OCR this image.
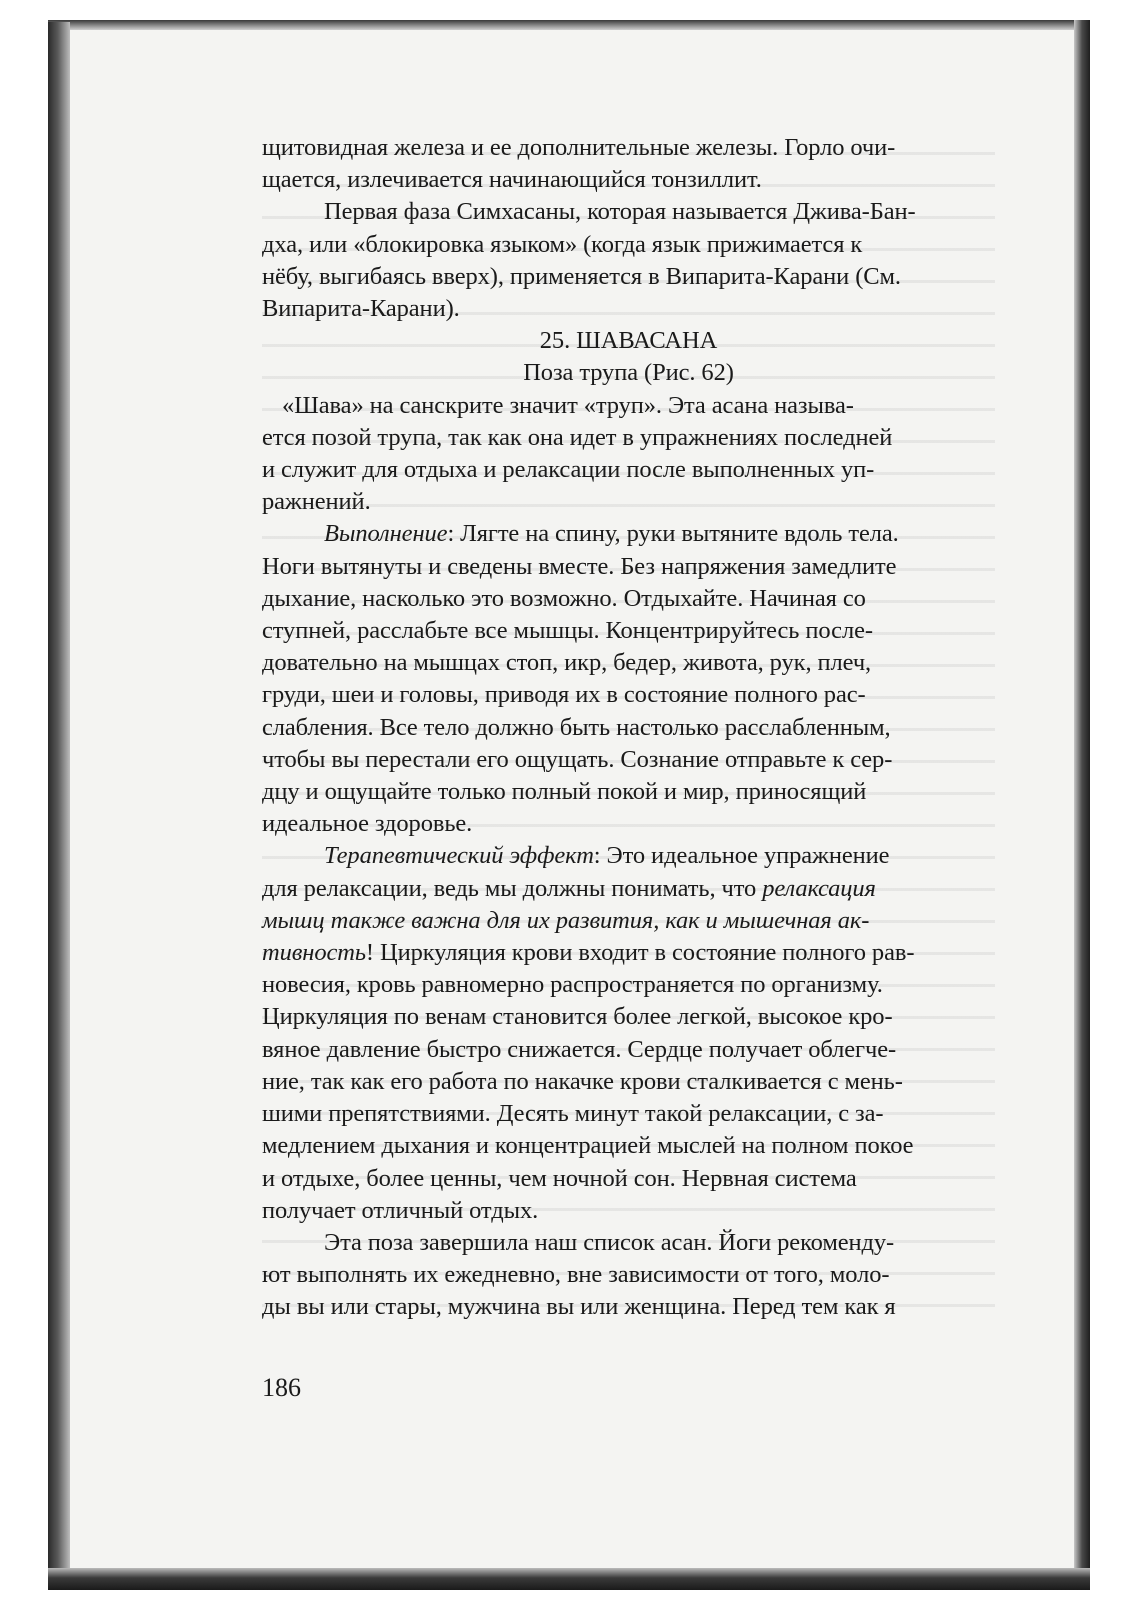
щитовидная железа и ее дополнительные железы. Горло очи-
щается, излечивается начинающийся тонзиллит.

Первая фаза Симхасаны, которая называется Джива-Бан-
дха, или «блокировка языком» (когда язык прижимается к
нёбу, выгибаясь вверх), применяется в Випарита-Карани (См.
Випарита-Карани).

25. ШАВАСАНА

Поза трупа (Рис. 62)

«Шава» на санскрите значит «труп». Эта асана называ-
ется позой трупа, так как она идет в упражнениях последней
и служит для отдыха и релаксации после выполненных уп-
ражнений.

Выполнение: Лягте на спину, руки вытяните вдоль тела.
Ноги вытянуты и сведены вместе. Без напряжения замедлите
дыхание, насколько это возможно. Отдыхайте. Начиная со
ступней, расслабьте все мышцы. Концентрируйтесь после-
довательно на мышцах стоп, икр, бедер, живота, рук, плеч,
груди, шеи и головы, приводя их в состояние полного рас-
слабления. Все тело должно быть настолько расслабленным,
чтобы вы перестали его ощущать. Сознание отправьте к сер-
дцу и ощущайте только полный покой и мир, приносящий
идеальное здоровье.

Терапевтический эффект: Это идеальное упражнение
для релаксации, ведь мы должны понимать, что релаксация
мышц также важна для их развития, как и мышечная ак-
тивность! Циркуляция крови входит в состояние полного рав-
новесия, кровь равномерно распространяется по организму.
Циркуляция по венам становится более легкой, высокое кро-
вяное давление быстро снижается. Сердце получает облегче-
ние, так как его работа по накачке крови сталкивается с мень-
шими препятствиями. Десять минут такой релаксации, с за-
медлением дыхания и концентрацией мыслей на полном покое
и отдыхе, более ценны, чем ночной сон. Нервная система
получает отличный отдых.

Эта поза завершила наш список асан. Йоги рекоменду-
ют выполнять их ежедневно, вне зависимости от того, моло-
ды вы или стары, мужчина вы или женщина. Перед тем как я

186
